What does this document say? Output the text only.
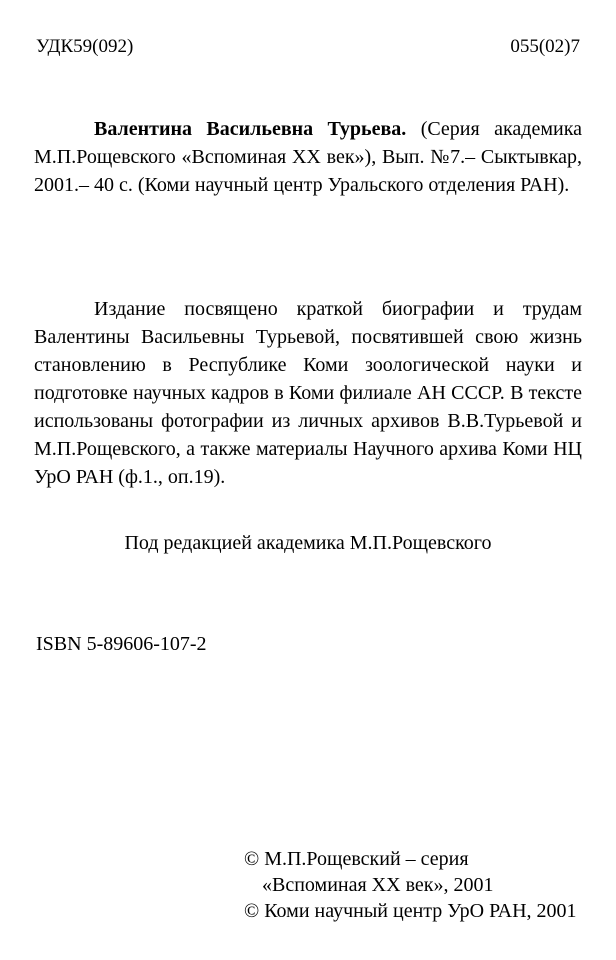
УДК59(092)	055(02)7
Валентина Васильевна Турьева. (Серия академика М.П.Рощевского «Вспоминая XX век»), Вып. №7.– Сыктывкар, 2001.– 40 с. (Коми научный центр Уральского отделения РАН).
Издание посвящено краткой биографии и трудам Валентины Васильевны Турьевой, посвятившей свою жизнь становлению в Республике Коми зоологической науки и подготовке научных кадров в Коми филиале АН СССР. В тексте использованы фотографии из личных архивов В.В.Турьевой и М.П.Рощевского, а также материалы Научного архива Коми НЦ УрО РАН (ф.1., оп.19).
Под редакцией академика М.П.Рощевского
ISBN 5-89606-107-2
© М.П.Рощевский – серия
«Вспоминая XX век», 2001
© Коми научный центр УрО РАН, 2001
